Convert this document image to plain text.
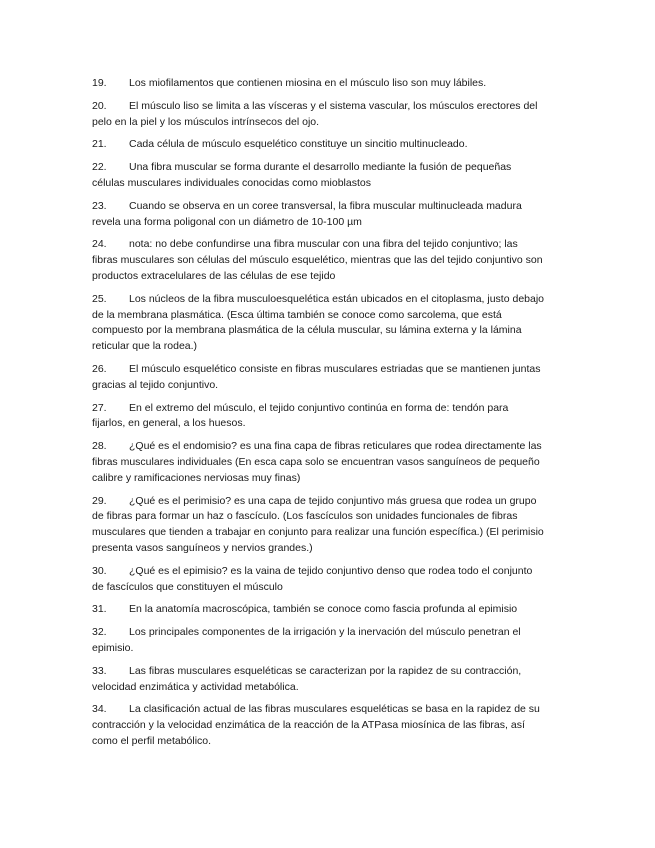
19. Los miofilamentos que contienen miosina en el músculo liso son muy lábiles.

20. El músculo liso se limita a las vísceras y el sistema vascular, los músculos erectores del pelo en la piel y los músculos intrínsecos del ojo.

21. Cada célula de músculo esquelético constituye un sincitio multinucleado.

22. Una fibra muscular se forma durante el desarrollo mediante la fusión de pequeñas células musculares individuales conocidas como mioblastos

23. Cuando se observa en un coree transversal, la fibra muscular multinucleada madura revela una forma poligonal con un diámetro de 10-100 µm

24. nota: no debe confundirse una fibra muscular con una fibra del tejido conjuntivo; las fibras musculares son células del músculo esquelético, mientras que las del tejido conjuntivo son productos extracelulares de las células de ese tejido

25. Los núcleos de la fibra musculoesquelética están ubicados en el citoplasma, justo debajo de la membrana plasmática. (Esca última también se conoce como sarcolema, que está compuesto por la membrana plasmática de la célula muscular, su lámina externa y la lámina reticular que la rodea.)

26. El músculo esquelético consiste en fibras musculares estriadas que se mantienen juntas gracias al tejido conjuntivo.

27. En el extremo del músculo, el tejido conjuntivo continúa en forma de: tendón para fijarlos, en general, a los huesos.

28. ¿Qué es el endomisio? es una fina capa de fibras reticulares que rodea directamente las fibras musculares individuales (En esca capa solo se encuentran vasos sanguíneos de pequeño calibre y ramificaciones nerviosas muy finas)

29. ¿Qué es el perimisio? es una capa de tejido conjuntivo más gruesa que rodea un grupo de fibras para formar un haz o fascículo. (Los fascículos son unidades funcionales de fibras musculares que tienden a trabajar en conjunto para realizar una función específica.) (El perimisio presenta vasos sanguíneos y nervios grandes.)

30. ¿Qué es el epimisio? es la vaina de tejido conjuntivo denso que rodea todo el conjunto de fascículos que constituyen el músculo

31. En la anatomía macroscópica, también se conoce como fascia profunda al epimisio

32. Los principales componentes de la irrigación y la inervación del músculo penetran el epimisio.

33. Las fibras musculares esqueléticas se caracterizan por la rapidez de su contracción, velocidad enzimática y actividad metabólica.

34. La clasificación actual de las fibras musculares esqueléticas se basa en la rapidez de su contracción y la velocidad enzimática de la reacción de la ATPasa miosínica de las fibras, así como el perfil metabólico.
